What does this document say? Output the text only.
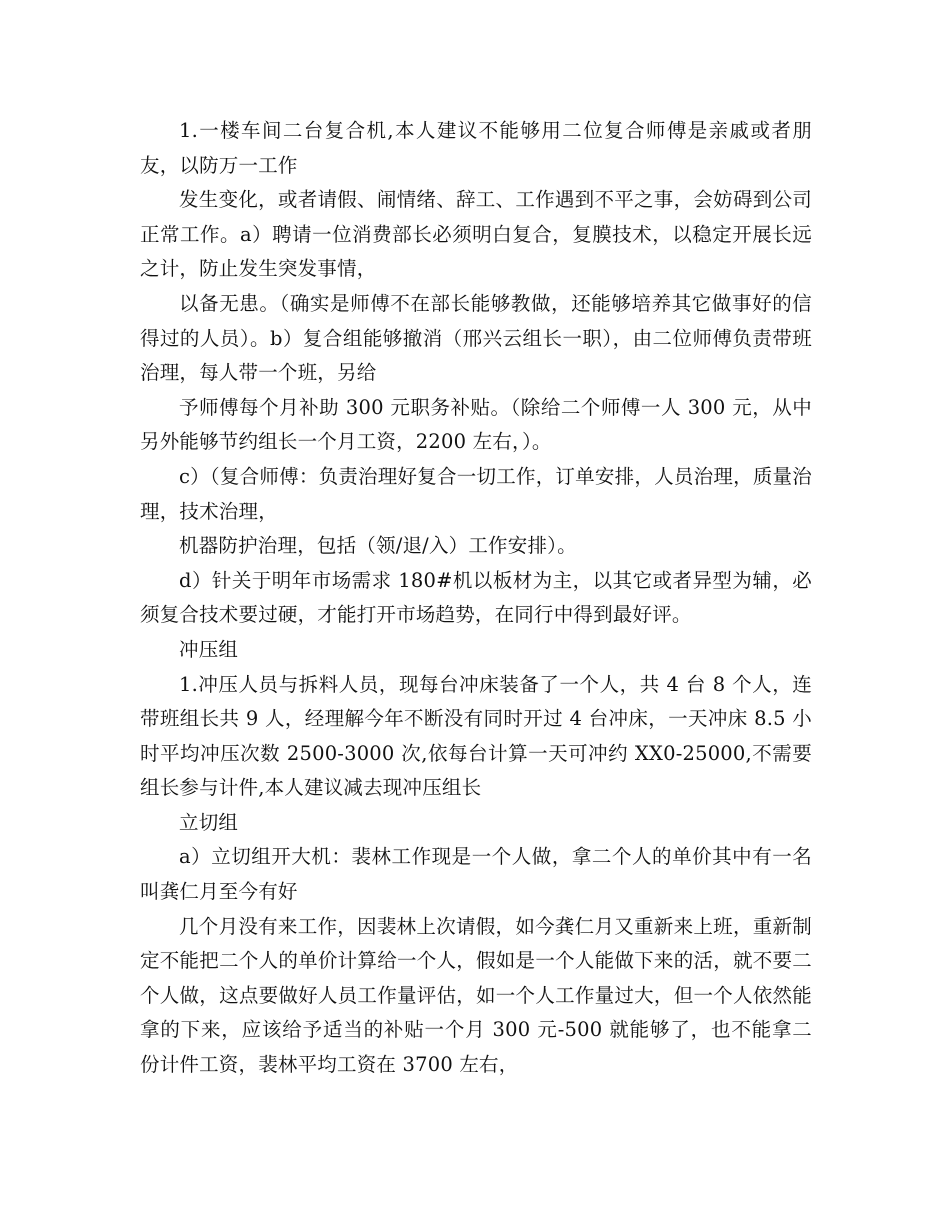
1.一楼车间二台复合机,本人建议不能够用二位复合师傅是亲戚或者朋友，以防万一工作

发生变化，或者请假、闹情绪、辞工、工作遇到不平之事，会妨碍到公司正常工作。a）聘请一位消费部长必须明白复合，复膜技术，以稳定开展长远之计，防止发生突发事情，

以备无患。（确实是师傅不在部长能够教做，还能够培养其它做事好的信得过的人员）。b）复合组能够撤消（邢兴云组长一职），由二位师傅负责带班治理，每人带一个班，另给

予师傅每个月补助 300 元职务补贴。（除给二个师傅一人 300 元，从中另外能够节约组长一个月工资，2200 左右，）。

c）（复合师傅：负责治理好复合一切工作，订单安排，人员治理，质量治理，技术治理，

机器防护治理，包括（领/退/入）工作安排）。

d）针关于明年市场需求 180#机以板材为主，以其它或者异型为辅，必须复合技术要过硬，才能打开市场趋势，在同行中得到最好评。

冲压组

1.冲压人员与拆料人员，现每台冲床装备了一个人，共 4 台 8 个人，连带班组长共 9 人，经理解今年不断没有同时开过 4 台冲床，一天冲床 8.5 小时平均冲压次数 2500-3000 次,依每台计算一天可冲约 XX0-25000,不需要组长参与计件,本人建议减去现冲压组长

立切组

a）立切组开大机：裴林工作现是一个人做，拿二个人的单价其中有一名叫龚仁月至今有好

几个月没有来工作，因裴林上次请假，如今龚仁月又重新来上班，重新制定不能把二个人的单价计算给一个人，假如是一个人能做下来的活，就不要二个人做，这点要做好人员工作量评估，如一个人工作量过大，但一个人依然能拿的下来，应该给予适当的补贴一个月 300 元-500 就能够了，也不能拿二份计件工资，裴林平均工资在 3700 左右，
